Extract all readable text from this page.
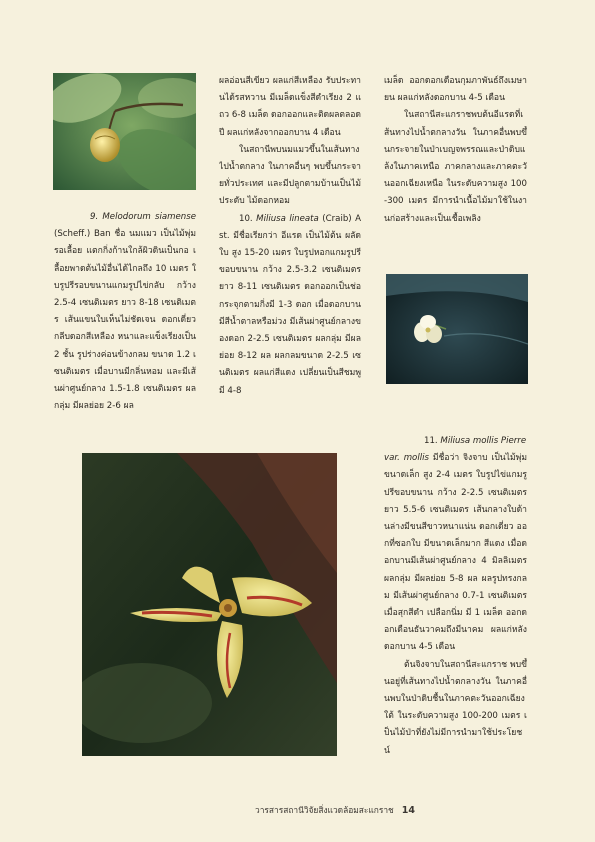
9. Melodorum siamense (Scheff.) Ban ชื่อ นมแมว เป็นไม้พุ่มรอเลื้อย แตกกิ่งก้านใกล้ผิวดินเป็นกอ เลื้อยพาดต้นไม้อื่นได้ไกลถึง 10 เมตร ใบรูปรีรอบขนานแกมรูปไข่กลับ กว้าง 2.5-4 เซนติเมตร ยาว 8-18 เซนติเมตร เส้นแขนใบเห็นไม่ชัดเจน ดอกเดี่ยว กลีบดอกสีเหลือง หนาและแข็งเรียงเป็น 2 ชั้น รูปร่างค่อนข้างกลม ขนาด 1.2 เซนติเมตร เมื่อบานมีกลิ่นหอม และมีเส้นผ่าศูนย์กลาง 1.5-1.8 เซนติเมตร ผลกลุ่ม มีผลย่อย 2-6 ผล

ผลอ่อนสีเขียว ผลแก่สีเหลือง รับประทานได้รสหวาน มีเมล็ดแข็งสีดำเรียง 2 แถว 6-8 เมล็ด ดอกออกและติดผลตลอดปี ผลแก่หลังจากออกบาน 4 เดือน

ในสถานีพบนมแมวขึ้นในเส้นทางไปน้ำตกลาง ในภาคอื่นๆ พบขึ้นกระจายทั่วประเทศ และมีปลูกตามบ้านเป็นไม้ประดับ ไม้ดอกหอม

10. Miliusa lineata (Craib) Ast. มีชื่อเรียกว่า อีแรด เป็นไม้ต้น ผลัดใบ สูง 15-20 เมตร ใบรูปหอกแกมรูปรีขอบขนาน กว้าง 2.5-3.2 เซนติเมตร ยาว 8-11 เซนติเมตร ดอกออกเป็นช่อกระจุกตามกิ่งมี 1-3 ดอก เมื่อดอกบานมีสีน้ำตาลหรือม่วง มีเส้นผ่าศูนย์กลางของดอก 2-2.5 เซนติเมตร ผลกลุ่ม มีผลย่อย 8-12 ผล ผลกลมขนาด 2-2.5 เซนติเมตร ผลแก่สีแดง เปลี่ยนเป็นสีชมพู มี 4-8

เมล็ด ออกดอกเดือนกุมภาพันธ์ถึงเมษายน ผลแก่หลังดอกบาน 4-5 เดือน

ในสถานีสะแกราชพบต้นอีแรดที่เส้นทางไปน้ำตกลางวัน ในภาคอื่นพบขึ้นกระจายในป่าเบญจพรรณและป่าดิบแล้งในภาคเหนือ ภาคกลางและภาคตะวันออกเฉียงเหนือ ในระดับความสูง 100-300 เมตร มีการนำเนื้อไม้มาใช้ในงานก่อสร้างและเป็นเชื้อเพลิง

11. Miliusa mollis Pierre

var. mollis มีชื่อว่า จิงจาบ เป็นไม้พุ่มขนาดเล็ก สูง 2-4 เมตร ใบรูปไข่แกมรูปรีขอบขนาน กว้าง 2-2.5 เซนติเมตร ยาว 5.5-6 เซนติเมตร เส้นกลางใบด้านล่างมีขนสีขาวหนาแน่น ดอกเดี่ยว ออกที่ซอกใบ มีขนาดเล็กมาก สีแดง เมื่อดอกบานมีเส้นผ่าศูนย์กลาง 4 มิลลิเมตร ผลกลุ่ม มีผลย่อย 5-8 ผล ผลรูปทรงกลม มีเส้นผ่าศูนย์กลาง 0.7-1 เซนติเมตร เมื่อสุกสีดำ เปลือกนิ่ม มี 1 เมล็ด ออกดอกเดือนธันวาคมถึงมีนาคม ผลแก่หลังดอกบาน 4-5 เดือน

ต้นจิงจาบในสถานีสะแกราช พบขึ้นอยู่ที่เส้นทางไปน้ำตกลางวัน ในภาคอื่นพบในป่าดิบชื้นในภาคตะวันออกเฉียงใต้ ในระดับความสูง 100-200 เมตร เป็นไม้ป่าที่ยังไม่มีการนำมาใช้ประโยชน์

วารสารสถานีวิจัยสิ่งแวดล้อมสะแกราช 14
